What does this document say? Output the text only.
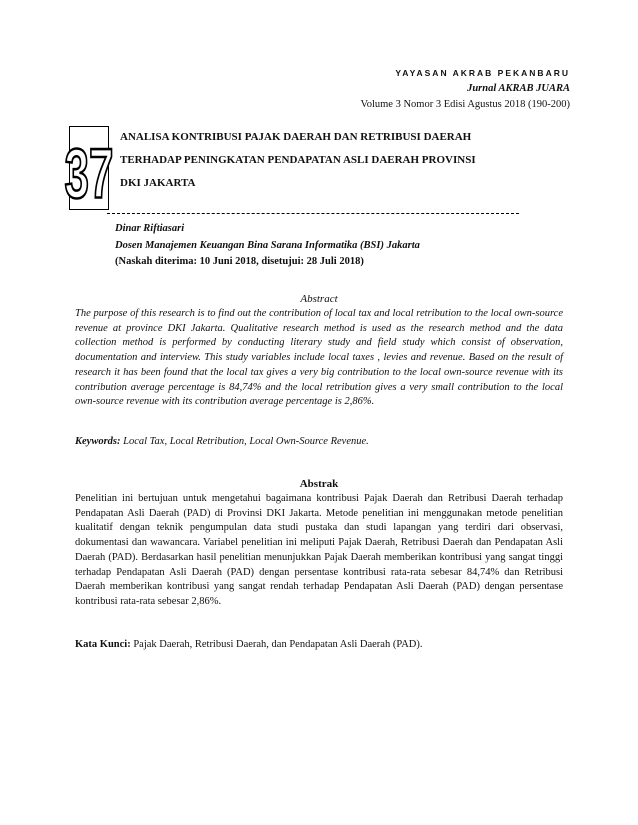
YAYASAN AKRAB PEKANBARU
Jurnal AKRAB JUARA
Volume 3 Nomor 3 Edisi Agustus 2018 (190-200)
37 ANALISA KONTRIBUSI PAJAK DAERAH DAN RETRIBUSI DAERAH
TERHADAP PENINGKATAN PENDAPATAN ASLI DAERAH PROVINSI
DKI JAKARTA
Dinar Riftiasari
Dosen Manajemen Keuangan Bina Sarana Informatika (BSI) Jakarta
(Naskah diterima: 10 Juni 2018, disetujui: 28 Juli 2018)
Abstract
The purpose of this research is to find out the contribution of local tax and local retribution to the local own-source revenue at province DKI Jakarta. Qualitative research method is used as the research method and the data collection method is performed by conducting literary study and field study which consist of observation, documentation and interview. This study variables include local taxes , levies and revenue. Based on the result of research it has been found that the local tax gives a very big contribution to the local own-source revenue with its contribution average percentage is 84,74% and the local retribution gives a very small contribution to the local own-source revenue with its contribution average percentage is 2,86%.
Keywords: Local Tax, Local Retribution, Local Own-Source Revenue.
Abstrak
Penelitian ini bertujuan untuk mengetahui bagaimana kontribusi Pajak Daerah dan Retribusi Daerah terhadap Pendapatan Asli Daerah (PAD) di Provinsi DKI Jakarta. Metode penelitian ini menggunakan metode penelitian kualitatif dengan teknik pengumpulan data studi pustaka dan studi lapangan yang terdiri dari observasi, dokumentasi dan wawancara. Variabel penelitian ini meliputi Pajak Daerah, Retribusi Daerah dan Pendapatan Asli Daerah (PAD). Berdasarkan hasil penelitian menunjukkan Pajak Daerah memberikan kontribusi yang sangat tinggi terhadap Pendapatan Asli Daerah (PAD) dengan persentase kontribusi rata-rata sebesar 84,74% dan Retribusi Daerah memberikan kontribusi yang sangat rendah terhadap Pendapatan Asli Daerah (PAD) dengan persentase kontribusi rata-rata sebesar 2,86%.
Kata Kunci: Pajak Daerah, Retribusi Daerah, dan Pendapatan Asli Daerah (PAD).
